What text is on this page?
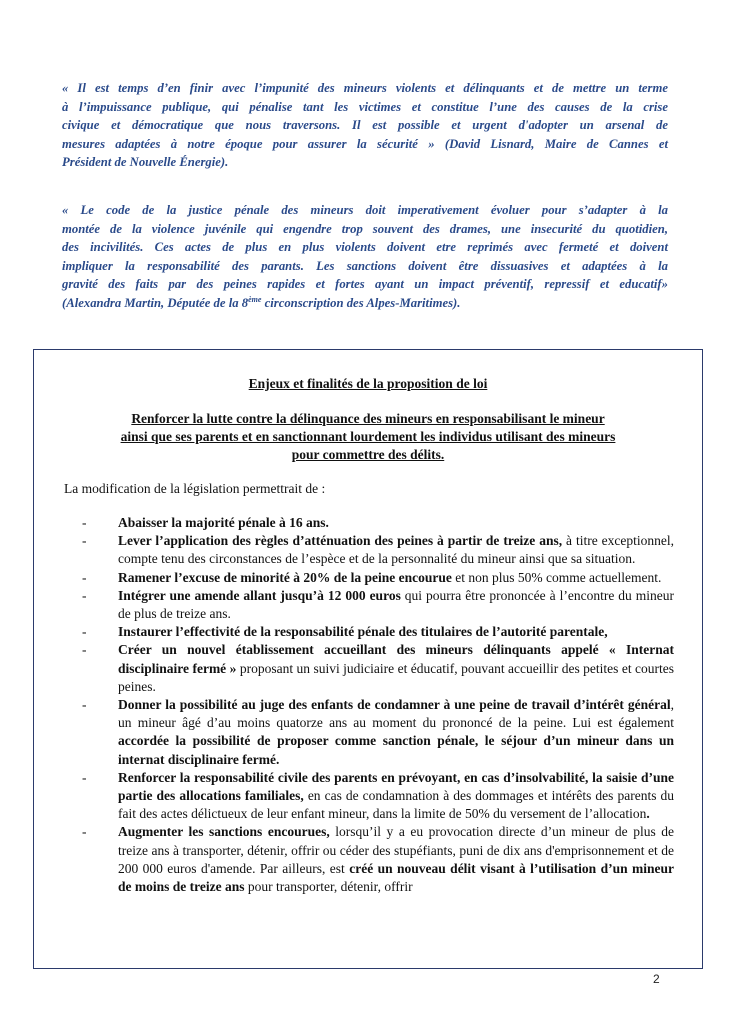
« Il est temps d’en finir avec l’impunité des mineurs violents et délinquants et de mettre un terme
à l’impuissance publique, qui pénalise tant les victimes et constitue l’une des causes de la crise
civique et démocratique que nous traversons. Il est possible et urgent d'adopter un arsenal de
mesures adaptées à notre époque pour assurer la sécurité » (David Lisnard, Maire de Cannes et
Président de Nouvelle Énergie).
« Le code de la justice pénale des mineurs doit imperativement évoluer pour s’adapter à la
montée de la violence juvénile qui engendre trop souvent des drames, une insecurité du quotidien,
des incivilités. Ces actes de plus en plus violents doivent etre reprimés avec fermeté et doivent
impliquer la responsabilité des parants. Les sanctions doivent être dissuasives et adaptées à la
gravité des faits par des peines rapides et fortes ayant un impact préventif, repressif et educatif»
(Alexandra Martin, Députée de la 8ème circonscription des Alpes-Maritimes).
Enjeux et finalités de la proposition de loi
Renforcer la lutte contre la délinquance des mineurs en responsabilisant le mineur
ainsi que ses parents et en sanctionnant lourdement les individus utilisant des mineurs
pour commettre des délits.
La modification de la législation permettrait de :
- Abaisser la majorité pénale à 16 ans.
- Lever l’application des règles d’atténuation des peines à partir de treize ans, à titre exceptionnel, compte tenu des circonstances de l’espèce et de la personnalité du mineur ainsi que sa situation.
- Ramener l’excuse de minorité à 20% de la peine encourue et non plus 50% comme actuellement.
- Intégrer une amende allant jusqu’à 12 000 euros qui pourra être prononcée à l’encontre du mineur de plus de treize ans.
- Instaurer l’effectivité de la responsabilité pénale des titulaires de l’autorité parentale,
- Créer un nouvel établissement accueillant des mineurs délinquants appelé « Internat disciplinaire fermé » proposant un suivi judiciaire et éducatif, pouvant accueillir des petites et courtes peines.
- Donner la possibilité au juge des enfants de condamner à une peine de travail d’intérêt général, un mineur âgé d’au moins quatorze ans au moment du prononcé de la peine. Lui est également accordée la possibilité de proposer comme sanction pénale, le séjour d’un mineur dans un internat disciplinaire fermé.
- Renforcer la responsabilité civile des parents en prévoyant, en cas d’insolvabilité, la saisie d’une partie des allocations familiales, en cas de condamnation à des dommages et intérêts des parents du fait des actes délictueux de leur enfant mineur, dans la limite de 50% du versement de l’allocation.
- Augmenter les sanctions encourues, lorsqu’il y a eu provocation directe d’un mineur de plus de treize ans à transporter, détenir, offrir ou céder des stupéfiants, puni de dix ans d'emprisonnement et de 200 000 euros d'amende. Par ailleurs, est créé un nouveau délit visant à l’utilisation d’un mineur de moins de treize ans pour transporter, détenir, offrir
2
